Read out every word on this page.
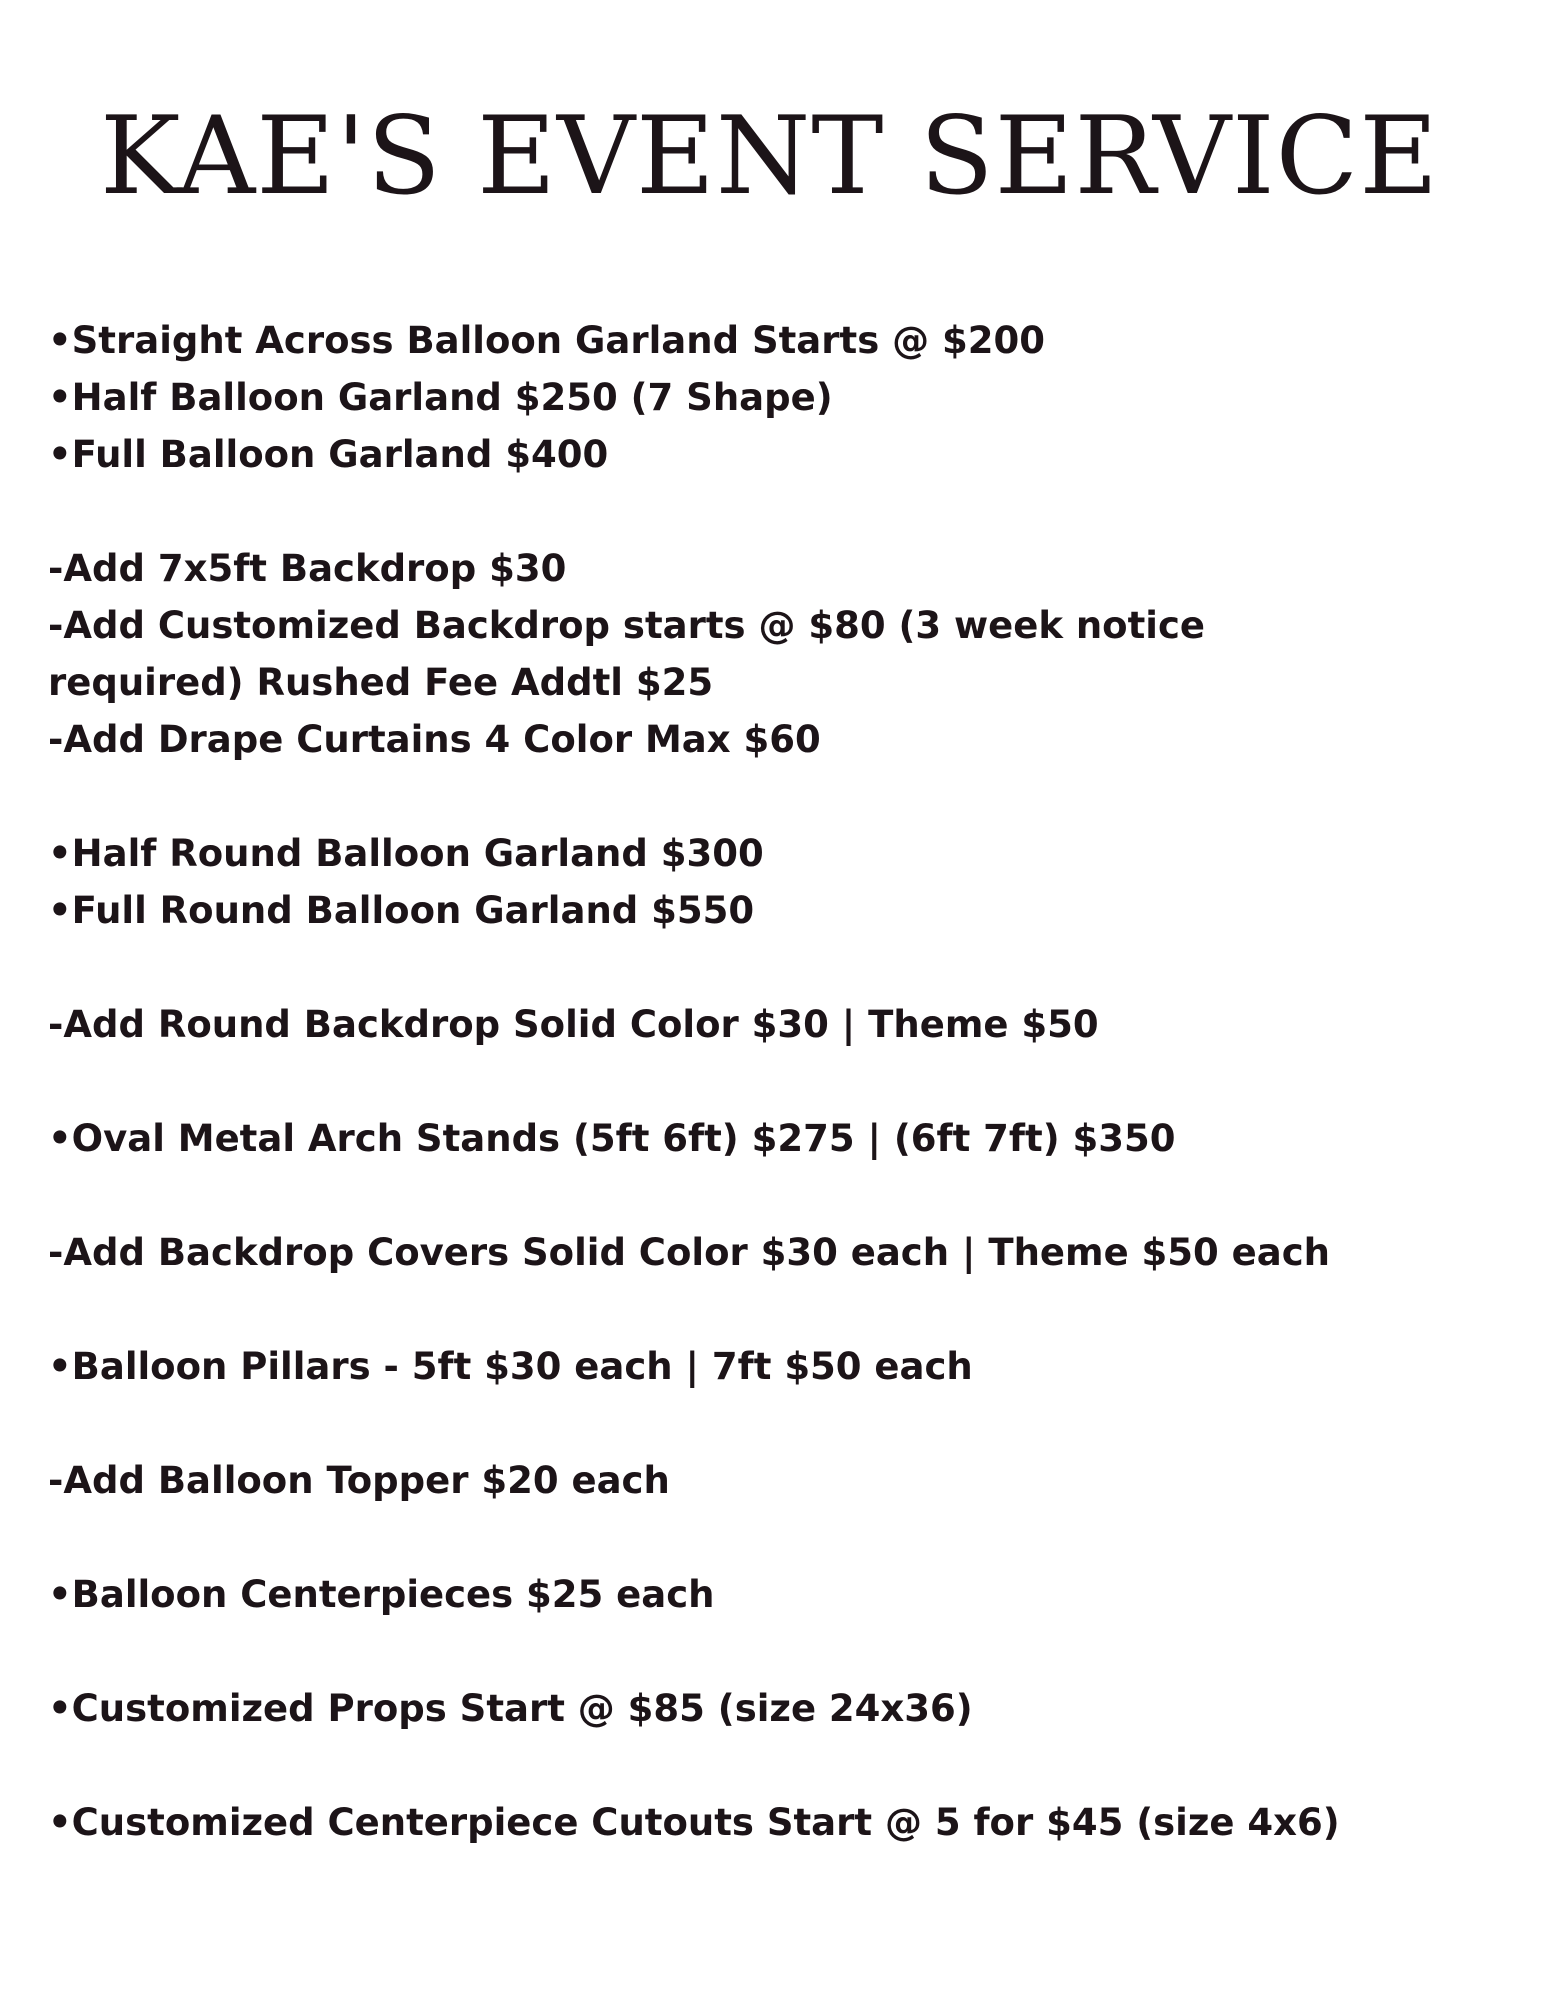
KAE'S EVENT SERVICE
•Straight Across Balloon Garland Starts @ $200
•Half Balloon Garland $250 (7 Shape)
•Full Balloon Garland $400
-Add 7x5ft Backdrop $30
-Add Customized Backdrop starts @ $80 (3 week notice
required) Rushed Fee Addtl $25
-Add Drape Curtains 4 Color Max $60
•Half Round Balloon Garland $300
•Full Round Balloon Garland $550
-Add Round Backdrop Solid Color $30 | Theme $50
•Oval Metal Arch Stands (5ft 6ft) $275 | (6ft 7ft) $350
-Add Backdrop Covers Solid Color $30 each | Theme $50 each
•Balloon Pillars - 5ft $30 each | 7ft $50 each
-Add Balloon Topper $20 each
•Balloon Centerpieces $25 each
•Customized Props Start @ $85 (size 24x36)
•Customized Centerpiece Cutouts Start @ 5 for $45 (size 4x6)
